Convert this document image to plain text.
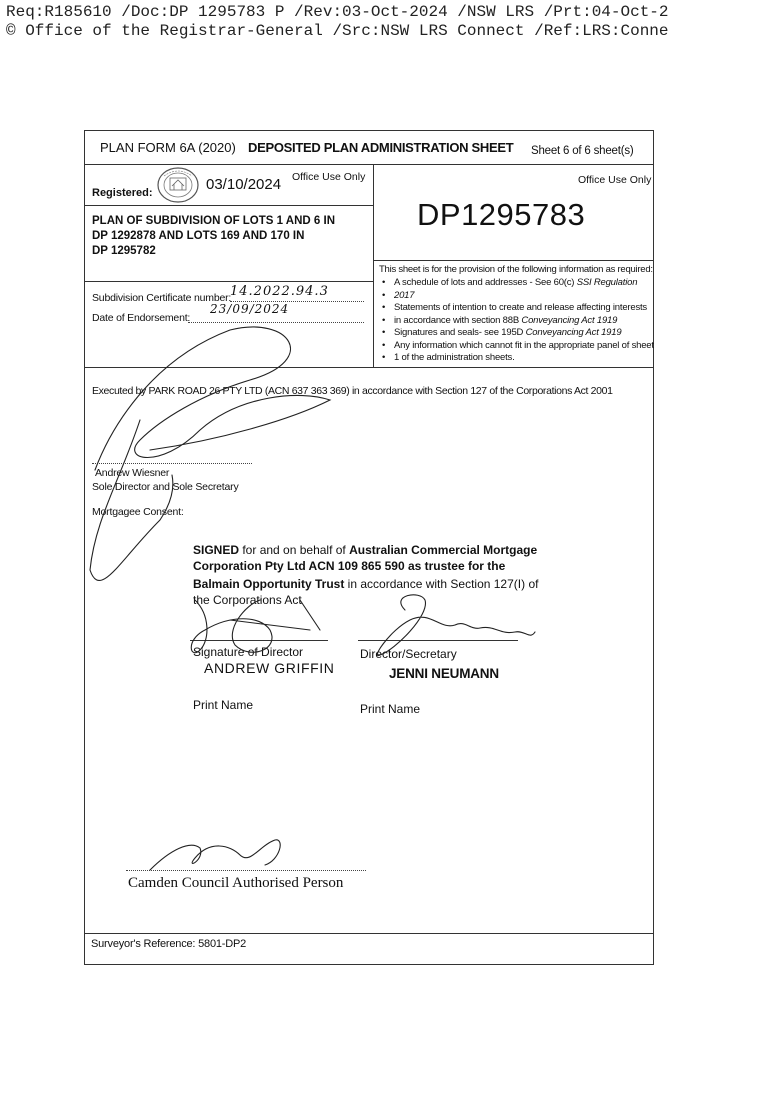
Req:R185610 /Doc:DP 1295783 P /Rev:03-Oct-2024 /NSW LRS /Prt:04-Oct-2
© Office of the Registrar-General /Src:NSW LRS Connect /Ref:LRS:Conne
PLAN FORM 6A (2020) DEPOSITED PLAN ADMINISTRATION SHEET Sheet 6 of 6 sheet(s)
Registered:	03/10/2024 Office Use Only
PLAN OF SUBDIVISION OF LOTS 1 AND 6 IN
DP 1292878 AND LOTS 169 AND 170 IN
DP 1295782
Office Use Only
DP1295783
Subdivision Certificate number:
14.2022.94.3
Date of Endorsement:
23/09/2024
This sheet is for the provision of the following information as required:
• A schedule of lots and addresses - See 60(c) SSI Regulation
• 2017
• Statements of intention to create and release affecting interests
• in accordance with section 88B Conveyancing Act 1919
• Signatures and seals- see 195D Conveyancing Act 1919
• Any information which cannot fit in the appropriate panel of sheet
• 1 of the administration sheets.
Executed by PARK ROAD 26 PTY LTD (ACN 637 363 369) in accordance with Section 127 of the Corporations Act 2001
Andrew Wiesner
Sole Director and Sole Secretary
Mortgagee Consent:
SIGNED for and on behalf of Australian Commercial Mortgage
Corporation Pty Ltd ACN 109 865 590 as trustee for the
Balmain Opportunity Trust in accordance with Section 127(I) of
the Corporations Act
Signature of Director
ANDREW GRIFFIN
Director/Secretary
JENNI NEUMANN
Print Name	Print Name
Camden Council Authorised Person
Surveyor's Reference: 5801-DP2
